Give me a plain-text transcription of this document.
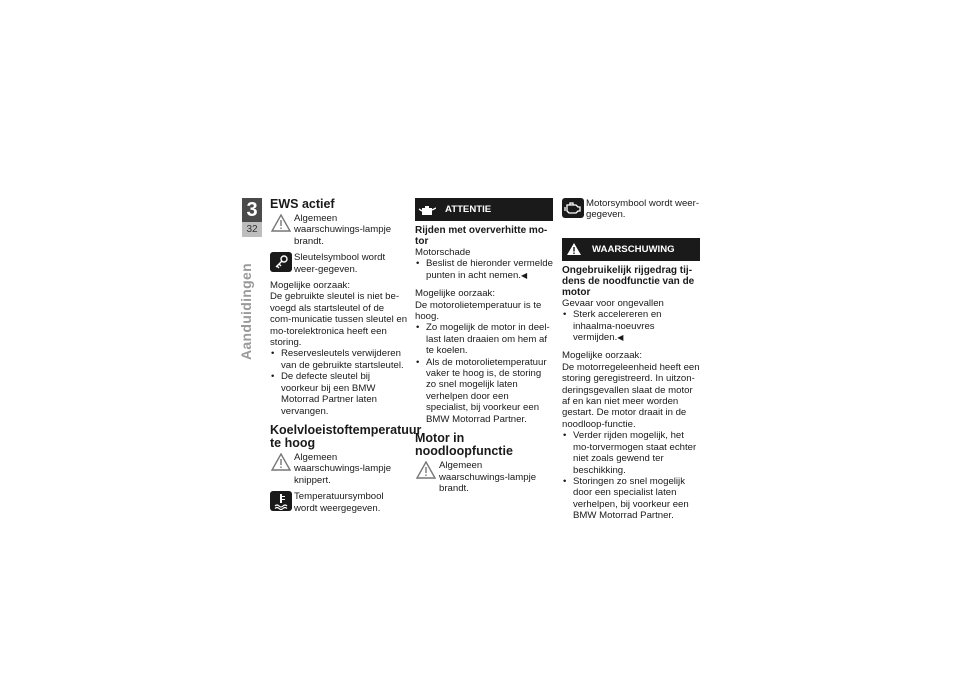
3
32
Aanduidingen
EWS actief
Algemeen waarschuwings-lampje brandt.
Sleutelsymbool wordt weer-gegeven.

Mogelijke oorzaak:

De gebruikte sleutel is niet be-voegd als startsleutel of de com-municatie tussen sleutel en mo-torelektronica heeft een storing.

• Reservesleutels verwijderen van de gebruikte startsleutel.
• De defecte sleutel bij voorkeur bij een BMW Motorrad Partner laten vervangen.
Koelvloeistoftemperatuur te hoog
Algemeen waarschuwings-lampje knippert.
Temperatuursymbool wordt weergegeven.
ATTENTIE
Rijden met oververhitte mo-tor

Motorschade

• Beslist de hieronder vermelde punten in acht nemen.◀

Mogelijke oorzaak:

De motorolietemperatuur is te hoog.

• Zo mogelijk de motor in deel-last laten draaien om hem af te koelen.
• Als de motorolietemperatuur vaker te hoog is, de storing zo snel mogelijk laten verhelpen door een specialist, bij voorkeur een BMW Motorrad Partner.
Motor in noodloopfunctie
Algemeen waarschuwings-lampje brandt.
Motorsymbool wordt weer-gegeven.
WAARSCHUWING
Ongebruikelijk rijgedrag tij-dens de noodfunctie van de motor

Gevaar voor ongevallen

• Sterk accelereren en inhaalma-noeuvres vermijden.◀

Mogelijke oorzaak:

De motorregeleenheid heeft een storing geregistreerd. In uitzon-deringsgevallen slaat de motor af en kan niet meer worden gestart. De motor draait in de noodloop-functie.

• Verder rijden mogelijk, het mo-torvermogen staat echter niet zoals gewend ter beschikking.
• Storingen zo snel mogelijk door een specialist laten verhelpen, bij voorkeur een BMW Motorrad Partner.
